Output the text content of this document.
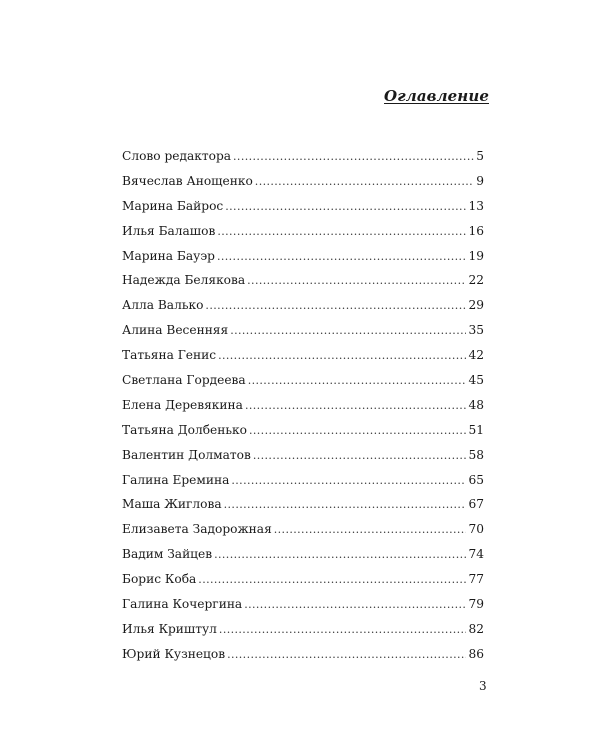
Оглавление
Слово редактора .....	5
Вячеслав Анощенко .....	9
Марина Байрос .....	13
Илья Балашов .....	16
Марина Бауэр .....	19
Надежда Белякова .....	22
Алла Валько .....	29
Алина Весенняя .....	35
Татьяна Генис .....	42
Светлана Гордеева .....	45
Елена Деревякина .....	48
Татьяна Долбенько .....	51
Валентин Долматов .....	58
Галина Еремина .....	65
Маша Жиглова .....	67
Елизавета Задорожная .....	70
Вадим Зайцев .....	74
Борис Коба .....	77
Галина Кочергина .....	79
Илья Криштул .....	82
Юрий Кузнецов .....	86
3
